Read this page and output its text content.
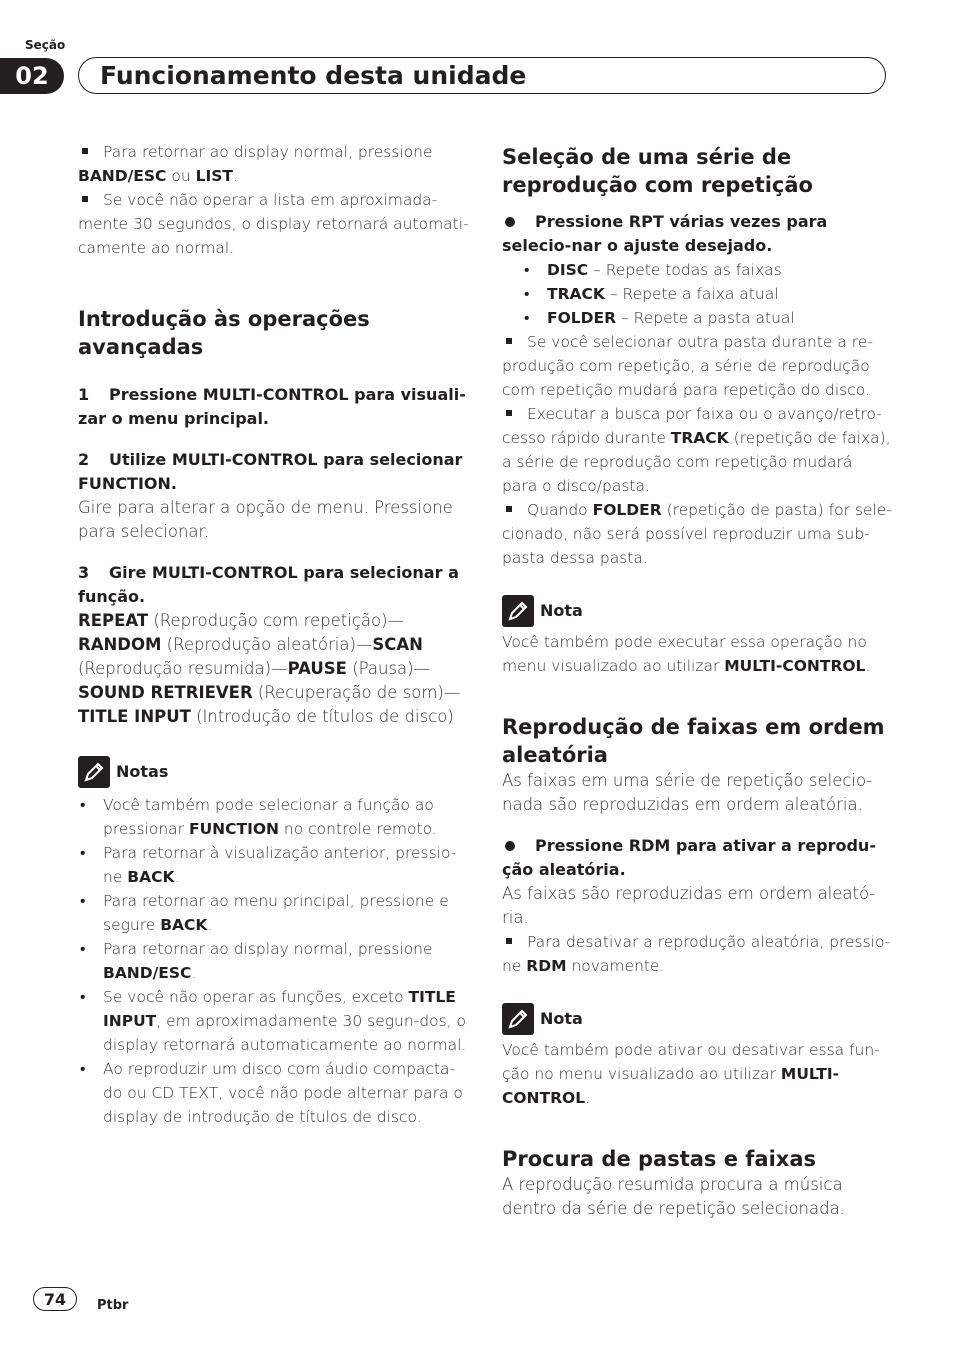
Seção
02	Funcionamento desta unidade

Para retornar ao display normal, pressione BAND/ESC ou LIST.

Se você não operar a lista em aproximada-mente 30 segundos, o display retornará automati-camente ao normal.

Introdução às operações avançadas

1 Pressione MULTI-CONTROL para visuali-zar o menu principal.

2 Utilize MULTI-CONTROL para selecionar FUNCTION.

Gire para alterar a opção de menu. Pressione para selecionar.

3 Gire MULTI-CONTROL para selecionar a função.

REPEAT (Reprodução com repetição)—
RANDOM (Reprodução aleatória)—SCAN
(Reprodução resumida)—PAUSE (Pausa)—
SOUND RETRIEVER (Recuperação de som)—
TITLE INPUT (Introdução de títulos de disco)

Notas
• Você também pode selecionar a função ao pressionar FUNCTION no controle remoto.
• Para retornar à visualização anterior, pressio-ne BACK.
• Para retornar ao menu principal, pressione e segure BACK.
• Para retornar ao display normal, pressione BAND/ESC.
• Se você não operar as funções, exceto TITLE INPUT, em aproximadamente 30 segun-dos, o display retornará automaticamente ao normal.
• Ao reproduzir um disco com áudio compacta-do ou CD TEXT, você não pode alternar para o display de introdução de títulos de disco.
Seleção de uma série de reprodução com repetição

Pressione RPT várias vezes para selecio-nar o ajuste desejado.

• DISC – Repete todas as faixas
• TRACK – Repete a faixa atual
• FOLDER – Repete a pasta atual

Se você selecionar outra pasta durante a re-produção com repetição, a série de reprodução com repetição mudará para repetição do disco.

Executar a busca por faixa ou o avanço/retro-cesso rápido durante TRACK (repetição de faixa), a série de reprodução com repetição mudará para o disco/pasta.

Quando FOLDER (repetição de pasta) for sele-cionado, não será possível reproduzir uma sub-pasta dessa pasta.

Nota

Você também pode executar essa operação no menu visualizado ao utilizar MULTI-CONTROL.

Reprodução de faixas em ordem aleatória

As faixas em uma série de repetição selecio-nada são reproduzidas em ordem aleatória.

Pressione RDM para ativar a reprodu-ção aleatória.

As faixas são reproduzidas em ordem aleató-ria.

Para desativar a reprodução aleatória, pressio-ne RDM novamente.

Nota

Você também pode ativar ou desativar essa fun-ção no menu visualizado ao utilizar MULTI-CONTROL.

Procura de pastas e faixas

A reprodução resumida procura a música dentro da série de repetição selecionada.

74	Ptbr
